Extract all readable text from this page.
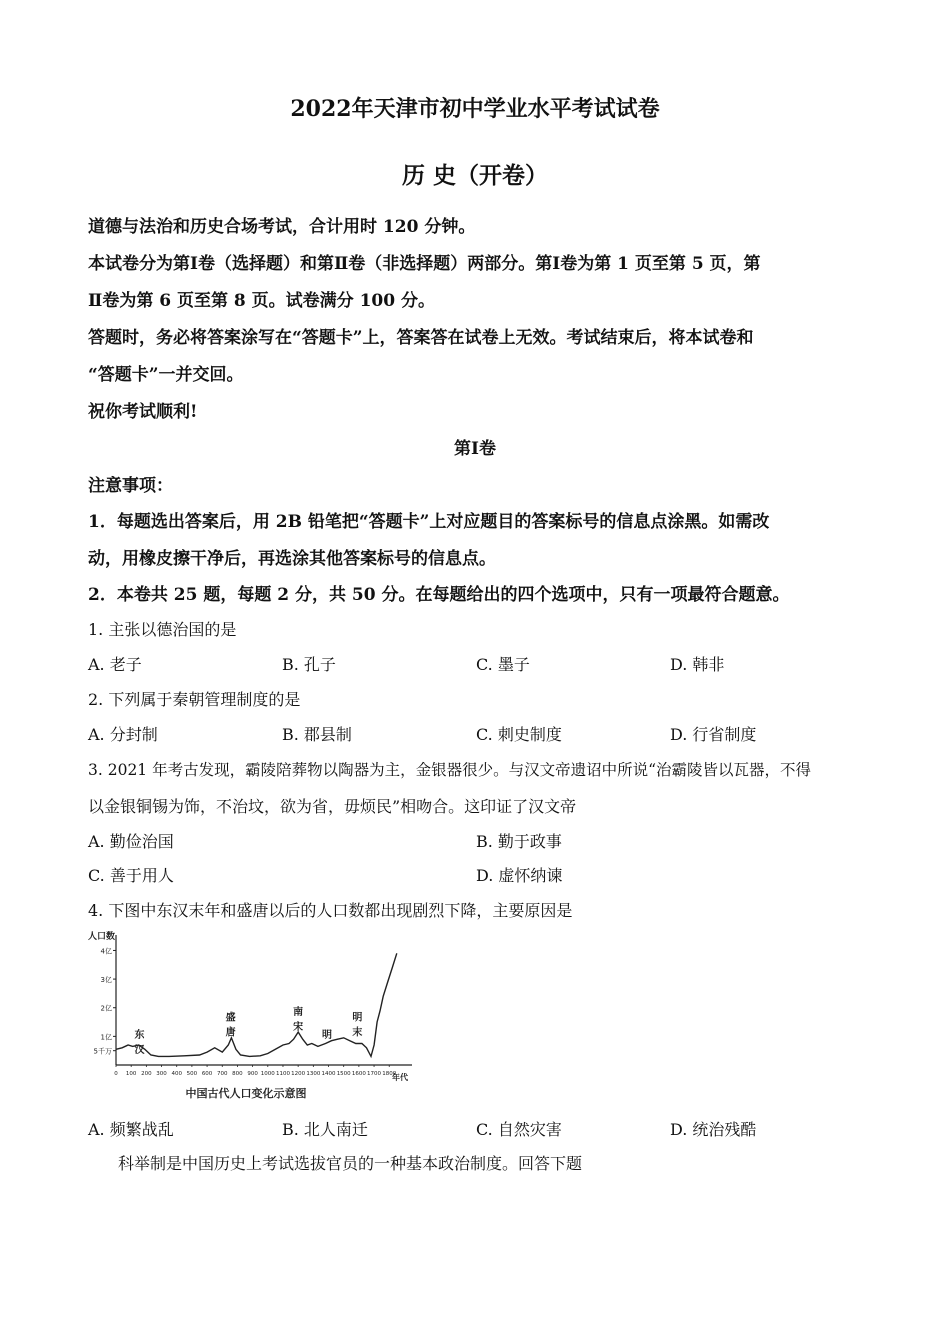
2022年天津市初中学业水平考试试卷
历 史（开卷）
道德与法治和历史合场考试，合计用时 120 分钟。
本试卷分为第Ⅰ卷（选择题）和第Ⅱ卷（非选择题）两部分。第Ⅰ卷为第 1 页至第 5 页，第
Ⅱ卷为第 6 页至第 8 页。试卷满分 100 分。
答题时，务必将答案涂写在“答题卡”上，答案答在试卷上无效。考试结束后，将本试卷和
“答题卡”一并交回。
祝你考试顺利!
第Ⅰ卷
注意事项：
1．每题选出答案后，用 2B 铅笔把“答题卡”上对应题目的答案标号的信息点涂黑。如需改
动，用橡皮擦干净后，再选涂其他答案标号的信息点。
2．本卷共 25 题，每题 2 分，共 50 分。在每题给出的四个选项中，只有一项最符合题意。
1. 主张以德治国的是
A. 老子	B. 孔子	C. 墨子	D. 韩非
2. 下列属于秦朝管理制度的是
A. 分封制	B. 郡县制	C. 刺史制度	D. 行省制度
3. 2021 年考古发现，霸陵陪葬物以陶器为主，金银器很少。与汉文帝遗诏中所说“治霸陵皆以瓦器，不得
以金银铜锡为饰，不治坟，欲为省，毋烦民”相吻合。这印证了汉文帝
A. 勤俭治国	B. 勤于政事
C. 善于用人	D. 虚怀纳谏
4. 下图中东汉末年和盛唐以后的人口数都出现剧烈下降，主要原因是
5千万
1亿
2亿
3亿
4亿
0 100 200 300 400 500 600 700 800 900 1000 1100 1200 1300 1400 1500 1600 1700 1800
东
汉
盛
唐
南
宋
明
明
末
人口数
年代
中国古代人口变化示意图
A. 频繁战乱	B. 北人南迁	C. 自然灾害	D. 统治残酷
科举制是中国历史上考试选拔官员的一种基本政治制度。回答下题
